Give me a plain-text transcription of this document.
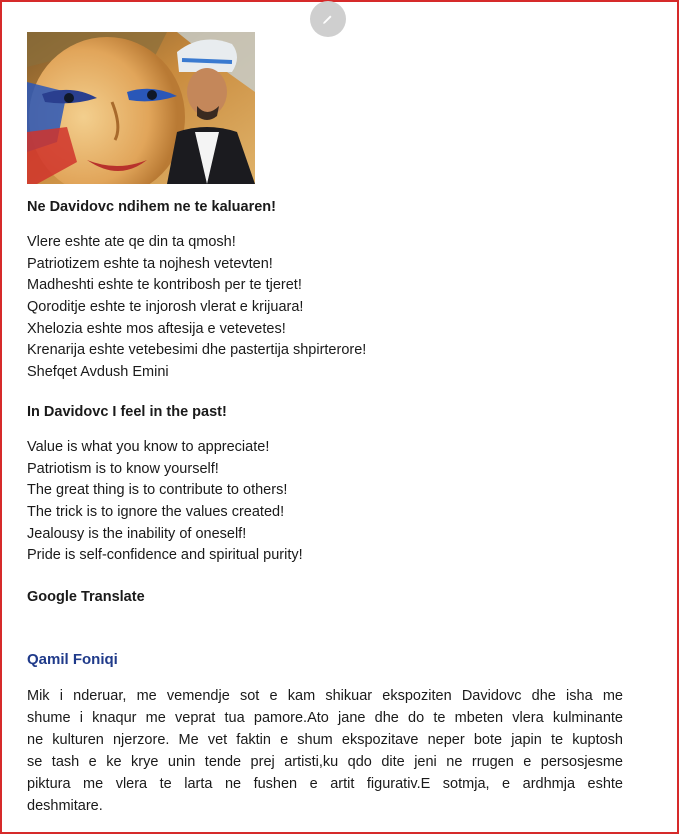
Ne Davidovc ndihem ne te kaluaren!

Vlere eshte ate qe din ta qmosh!
Patriotizem eshte ta nojhesh vetevten!
Madheshti eshte te kontribosh per te tjeret!
Qoroditje eshte te injorosh vlerat e krijuara!
Xhelozia eshte mos aftesija e vetevetes!
Krenarija eshte vetebesimi dhe pastertija shpirterore!
Shefqet Avdush Emini

In Davidovc I feel in the past!

Value is what you know to appreciate!
Patriotism is to know yourself!
The great thing is to contribute to others!
The trick is to ignore the values created!
Jealousy is the inability of oneself!
Pride is self-confidence and spiritual purity!

Google Translate

Qamil Foniqi
Mik i nderuar, me vemendje sot e kam shikuar ekspoziten Davidovc dhe isha me
shume i knaqur me veprat tua pamore.Ato jane dhe do te mbeten vlera kulminante
ne kulturen njerzore. Me vet faktin e shum ekspozitave neper bote japin te kuptosh
se tash e ke krye unin tende prej artisti,ku qdo dite jeni ne rrugen e persosjesme
piktura me vlera te larta ne fushen e artit figurativ.E sotmja, e ardhmja eshte
deshmitare.
